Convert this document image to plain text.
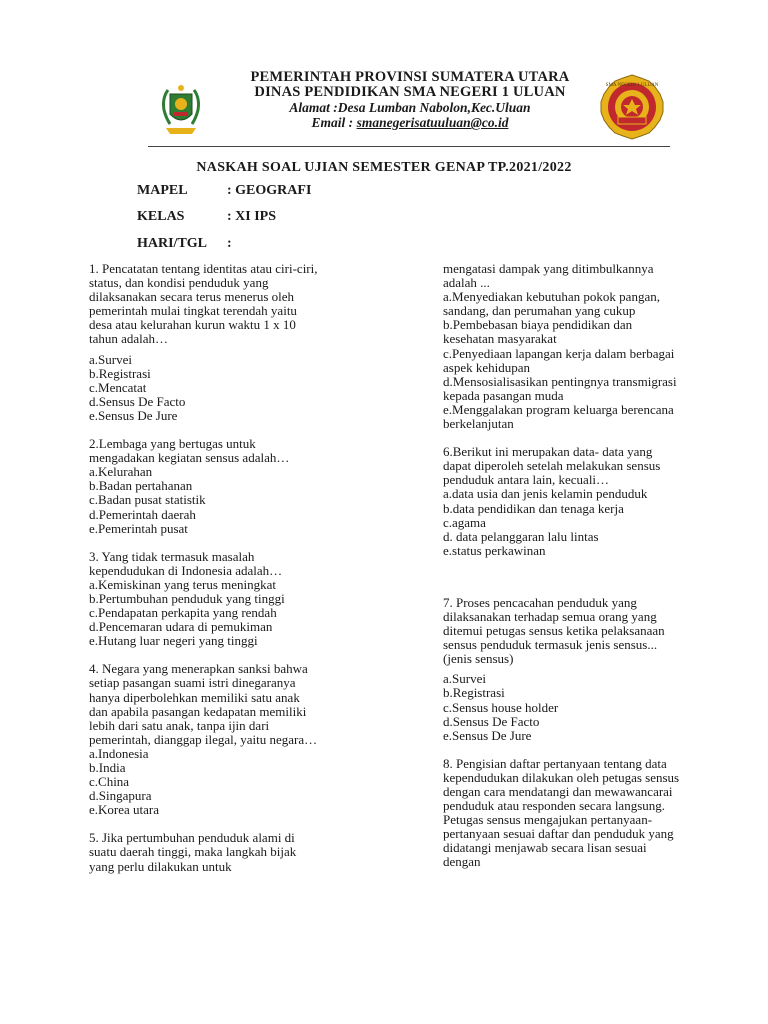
PEMERINTAH PROVINSI SUMATERA UTARA
DINAS PENDIDIKAN SMA NEGERI 1 ULUAN
Alamat :Desa Lumban Nabolon,Kec.Uluan
Email : smanegerisatuuluan@co.id
SMA NEGERI 1 ULUAN
NASKAH SOAL UJIAN SEMESTER GENAP TP.2021/2022
MAPEL	: GEOGRAFI
KELAS	: XI IPS
HARI/TGL :
1. Pencatatan tentang identitas atau ciri-ciri, status, dan kondisi penduduk yang dilaksanakan secara terus menerus oleh pemerintah mulai tingkat terendah yaitu desa atau kelurahan kurun waktu 1 x 10 tahun adalah…
a.Survei
b.Registrasi
c.Mencatat
d.Sensus De Facto
e.Sensus De Jure
2.Lembaga yang bertugas untuk mengadakan kegiatan sensus adalah…
a.Kelurahan
b.Badan pertahanan
c.Badan pusat statistik
d.Pemerintah daerah
e.Pemerintah pusat
3. Yang tidak termasuk masalah kependudukan di Indonesia adalah…
a.Kemiskinan yang terus meningkat
b.Pertumbuhan penduduk yang tinggi
c.Pendapatan perkapita yang rendah
d.Pencemaran udara di pemukiman
e.Hutang luar negeri yang tinggi
4. Negara yang menerapkan sanksi bahwa setiap pasangan suami istri dinegaranya hanya diperbolehkan memiliki satu anak dan apabila pasangan kedapatan memiliki lebih dari satu anak, tanpa ijin dari pemerintah, dianggap ilegal, yaitu negara…
a.Indonesia
b.India
c.China
d.Singapura
e.Korea utara
5. Jika pertumbuhan penduduk alami di suatu daerah tinggi, maka langkah bijak yang perlu dilakukan untuk
mengatasi dampak yang ditimbulkannya adalah ...
a.Menyediakan kebutuhan pokok pangan, sandang, dan perumahan yang cukup
b.Pembebasan biaya pendidikan dan kesehatan masyarakat
c.Penyediaan lapangan kerja dalam berbagai aspek kehidupan
d.Mensosialisasikan pentingnya transmigrasi kepada pasangan muda
e.Menggalakan program keluarga berencana berkelanjutan
6.Berikut ini merupakan data- data yang dapat diperoleh setelah melakukan sensus penduduk antara lain, kecuali…
a.data usia dan jenis kelamin penduduk
b.data pendidikan dan tenaga kerja
c.agama
d. data pelanggaran lalu lintas
e.status perkawinan
7. Proses pencacahan penduduk yang dilaksanakan terhadap semua orang yang ditemui petugas sensus ketika pelaksanaan sensus penduduk termasuk jenis sensus...(jenis sensus)
a.Survei
b.Registrasi
c.Sensus house holder
d.Sensus De Facto
e.Sensus De Jure
8. Pengisian daftar pertanyaan tentang data kependudukan dilakukan oleh petugas sensus dengan cara mendatangi dan mewawancarai penduduk atau responden secara langsung. Petugas sensus mengajukan pertanyaan-pertanyaan sesuai daftar dan penduduk yang didatangi menjawab secara lisan sesuai dengan
